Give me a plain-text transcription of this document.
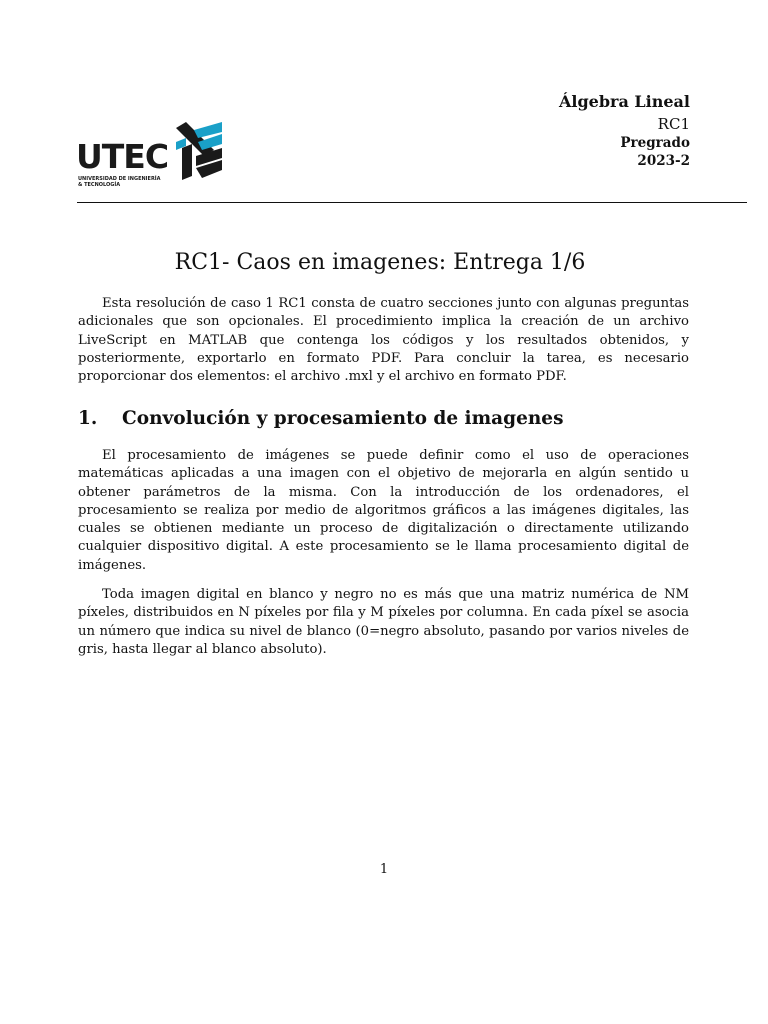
UTEC
UNIVERSIDAD DE INGENIERÍA
& TECNOLOGÍA
Álgebra Lineal
RC1
Pregrado
2023-2
RC1- Caos en imagenes: Entrega 1/6

Esta resolución de caso 1 RC1 consta de cuatro secciones junto con algunas preguntas adicionales que son opcionales. El procedimiento implica la creación de un archivo LiveScript en MATLAB que contenga los códigos y los resultados obtenidos, y posteriormente, exportarlo en formato PDF. Para concluir la tarea, es necesario proporcionar dos elementos: el archivo .mxl y el archivo en formato PDF.

1. Convolución y procesamiento de imagenes

El procesamiento de imágenes se puede definir como el uso de operaciones matemáticas aplicadas a una imagen con el objetivo de mejorarla en algún sentido u obtener parámetros de la misma. Con la introducción de los ordenadores, el procesamiento se realiza por medio de algoritmos gráficos a las imágenes digitales, las cuales se obtienen mediante un proceso de digitalización o directamente utilizando cualquier dispositivo digital. A este procesamiento se le llama procesamiento digital de imágenes.

Toda imagen digital en blanco y negro no es más que una matriz numérica de NM píxeles, distribuidos en N píxeles por fila y M píxeles por columna. En cada píxel se asocia un número que indica su nivel de blanco (0=negro absoluto, pasando por varios niveles de gris, hasta llegar al blanco absoluto).

1
